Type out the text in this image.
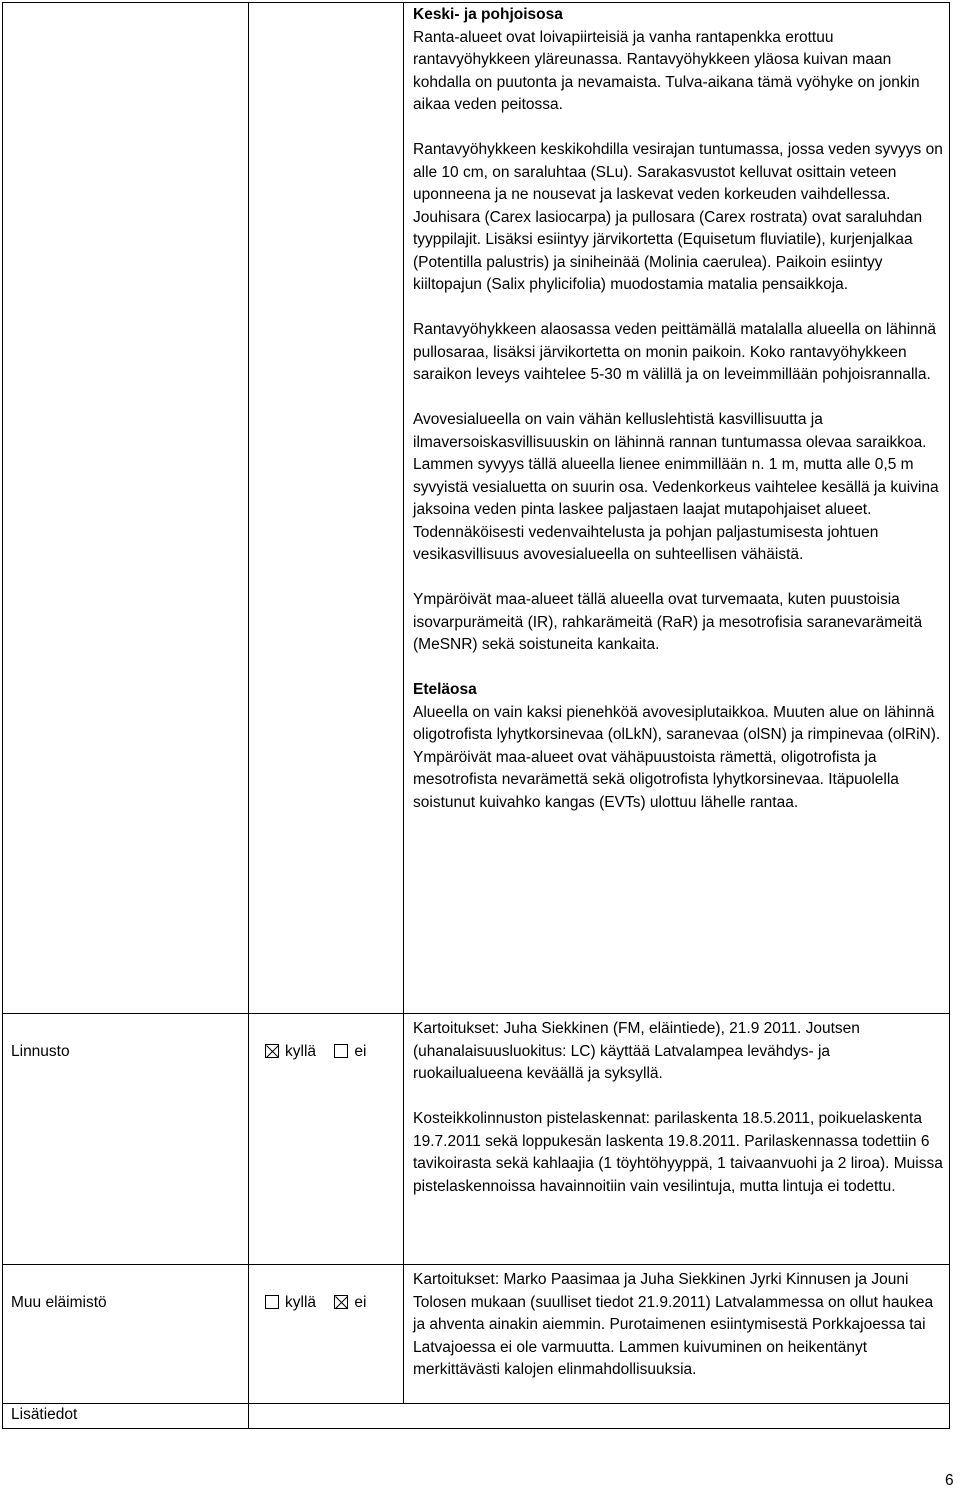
Keski- ja pohjoisosa
Ranta-alueet ovat loivapiirteisiä ja vanha rantapenkka erottuu rantavyöhykkeen yläreunassa. Rantavyöhykkeen yläosa kuivan maan kohdalla on puutonta ja nevamaista. Tulva-aikana tämä vyöhyke on jonkin aikaa veden peitossa.

Rantavyöhykkeen keskikohdilla vesirajan tuntumassa, jossa veden syvyys on alle 10 cm, on saraluhtaa (SLu). Sarakasvustot kelluvat osittain veteen uponneena ja ne nousevat ja laskevat veden korkeuden vaihdellessa. Jouhisara (Carex lasiocarpa) ja pullosara (Carex rostrata) ovat saraluhdan tyyppilajit. Lisäksi esiintyy järvikortetta (Equisetum fluviatile), kurjenjalkaa (Potentilla palustris) ja siniheinää (Molinia caerulea). Paikoin esiintyy kiiltopajun (Salix phylicifolia) muodostamia matalia pensaikkoja.

Rantavyöhykkeen alaosassa veden peittämällä matalalla alueella on lähinnä pullosaraa, lisäksi järvikortetta on monin paikoin. Koko rantavyöhykkeen saraikon leveys vaihtelee 5-30 m välillä ja on leveimmillään pohjoisrannalla.

Avovesialueella on vain vähän kelluslehtistä kasvillisuutta ja ilmaversoiskasvillisuuskin on lähinnä rannan tuntumassa olevaa saraikkoa. Lammen syvyys tällä alueella lienee enimmillään n. 1 m, mutta alle 0,5 m syvyistä vesialuetta on suurin osa. Vedenkorkeus vaihtelee kesällä ja kuivina jaksoina veden pinta laskee paljastaen laajat mutapohjaiset alueet. Todennäköisesti vedenvaihtelusta ja pohjan paljastumisesta johtuen vesikasvillisuus avovesialueella on suhteellisen vähäistä.

Ympäröivät maa-alueet tällä alueella ovat turvemaata, kuten puustoisia isovarpurämeitä (IR), rahkarämeitä (RaR) ja mesotrofisia saranevarämeitä (MeSNR) sekä soistuneita kankaita.

Eteläosa
Alueella on vain kaksi pienehköä avovesiplutaikkoa. Muuten alue on lähinnä oligotrofista lyhytkorsinevaa (olLkN), saranevaa (olSN) ja rimpinevaa (olRiN). Ympäröivät maa-alueet ovat vähäpuustoista rämettä, oligotrofista ja mesotrofista nevarämettä sekä oligotrofista lyhytkorsinevaa. Itäpuolella soistunut kuivahko kangas (EVTs) ulottuu lähelle rantaa.

Linnusto	kyllä ei

Kartoitukset: Juha Siekkinen (FM, eläintiede), 21.9 2011. Joutsen (uhanalaisuusluokitus: LC) käyttää Latvalampea levähdys- ja ruokailualueena keväällä ja syksyllä.

Kosteikkolinnuston pistelaskennat: parilaskenta 18.5.2011, poikuelaskenta 19.7.2011 sekä loppukesän laskenta 19.8.2011. Parilaskennassa todettiin 6 tavikoirasta sekä kahlaajia (1 töyhtöhyyppä, 1 taivaanvuohi ja 2 liroa). Muissa pistelaskennoissa havainnoitiin vain vesilintuja, mutta lintuja ei todettu.

Muu eläimistö	kyllä ei

Kartoitukset: Marko Paasimaa ja Juha Siekkinen Jyrki Kinnusen ja Jouni Tolosen mukaan (suulliset tiedot 21.9.2011) Latvalammessa on ollut haukea ja ahventa ainakin aiemmin. Purotaimenen esiintymisestä Porkkajoessa tai Latvajoessa ei ole varmuutta. Lammen kuivuminen on heikentänyt merkittävästi kalojen elinmahdollisuuksia.

Lisätiedot
6
